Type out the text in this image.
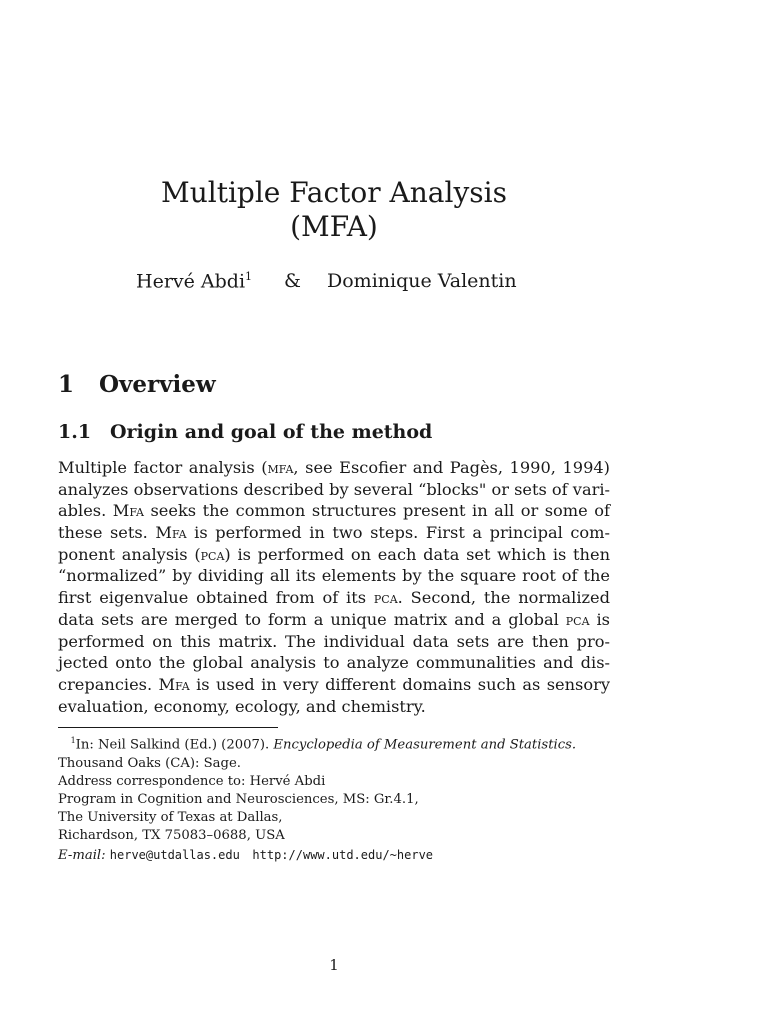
Multiple Factor Analysis
(MFA)
Hervé Abdi$^1$ & Dominique Valentin
1 Overview
1.1 Origin and goal of the method
Multiple factor analysis (mfa, see Escofier and Pagès, 1990, 1994)
analyzes observations described by several “blocks" or sets of vari-
ables. Mfa seeks the common structures present in all or some of
these sets. Mfa is performed in two steps. First a principal com-
ponent analysis (pca) is performed on each data set which is then
“normalized” by dividing all its elements by the square root of the
first eigenvalue obtained from of its pca. Second, the normalized
data sets are merged to form a unique matrix and a global pca is
performed on this matrix. The individual data sets are then pro-
jected onto the global analysis to analyze communalities and dis-
crepancies. Mfa is used in very different domains such as sensory
evaluation, economy, ecology, and chemistry.
$^1$In: Neil Salkind (Ed.) (2007). Encyclopedia of Measurement and Statistics.
Thousand Oaks (CA): Sage.
Address correspondence to: Hervé Abdi
Program in Cognition and Neurosciences, MS: Gr.4.1,
The University of Texas at Dallas,
Richardson, TX 75083–0688, USA
E-mail: herve@utdallas.edu http://www.utd.edu/~herve
1
